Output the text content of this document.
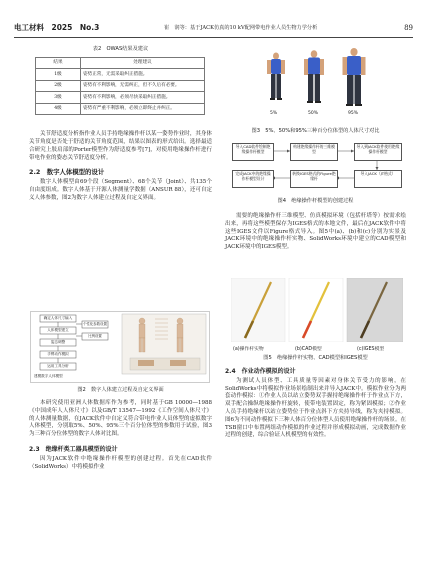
电工材料　 2025　No.3	崔　润等：基于JACK仿真的10 kV配网带电作业人员生物力学分析	89
表2　OWAS结果及建议
结果	处理建议
1级	姿势正常，无需采取纠正措施。
2级	姿势有不利影响，无需纠正，但不久后有必要。
3级	姿势有不利影响，必须尽快采取纠正措施。
4级	姿势有严重不利影响，必须立即终止并纠正。

关节舒适度分析指作业人员手持绝缘操作杆以某一姿势作业时，其身体关节角度是否处于舒适的关节角度范围，结果以图表的形式给出。选择最适合研究上肢肩部的Porter模型作为舒适度参考[7]，对使用绝缘操作杆进行带电作业的姿态关节舒适度分析。

2.2　数字人体模型的设计

数字人体模型由69个段（Segment）、68个关节（Joint）、共135个自由度组成。数字人体基于开源人体测量学数据（ANSUR 88），还可自定义人体参数，图2为数字人体建立过程及自定义界面。

确定人体尺寸输入
人体模型建立
姿态调整
手臂动作模拟
运用工具分析
个性化参数设置
比例设置
建模数字人体模型
图2　数字人体建立过程及自定义界面

本研究使用亚洲人体数据库作为参考，同时基于GB 10000—1988《中国成年人人体尺寸》以及GB/T 13547—1992《工作空间人体尺寸》的人体测量数据，在JACK软件中自定义符合带电作业人员体型的虚拟数字人体模型，分别取5%、50%、95%三个百分位体型的参数用于试验，图3为三种百分位体型的数字人体对比图。

2.3　绝缘杆类工器具模型的设计

因为JACK软件中绝缘操作杆模型的创建过程。首先在CAD软件（SolidWorks）中将模拟作业

5%	50%	95%
图3　5%、50%和95%三种百分位体型的人体尺寸对比
导入CAD软件绘制绝缘操作杆模型
构建绝缘操作杆的三维模型
导入到JACK软件使用绝缘操作杆模型
完成JACK中的绝缘操作杆模型设计
转换IGES格式的Figure绝缘杆
导入JACK（JT格式）
图4　绝缘操作杆模型的创建过程

需要的绝缘操作杆三维模型、仿真模拟环境（包括杆塔等）按需求绘出来，再将这些模型保存为IGES格式的本地文件，最后在JACK软件中将这些IGES文件以Figure格式导入。图5中(a)、(b)和(c)分别为实景及JACK环境中的绝缘操作杆实物、SolidWorks环境中建立的CAD模型和JACK环境中的IGES模型。

(a)操作杆实物	(b)CAD模型	(c)IGES模型
图5　绝缘操作杆实物、CAD模型和IGES模型
2.4　作业动作模拟的设计

为测试人员体型、工具质量等因素对身体关节受力的影响，在SolidWorks中将模拟作业场景绘制出来并导入JACK中。模拟作业分为两套动作模拟：①作业人员以站立姿势双手握持绝缘操作杆于作业点下方，双手配合操纵绝缘操作杆旋转，使带电装置固定，称为紧固模拟；②作业人员手持绝缘杆以站立姿势位于作业点斜下方夹持导线，称为夹持模拟。图6为不同动作模拟下三种人体百分位体型人员使用绝缘操作杆的场景。在TSB窗口中布置两组动作模拟的作业过程并形成模拟动画，完成数据作业过程的创建，综合验证人机模型的有效性。
